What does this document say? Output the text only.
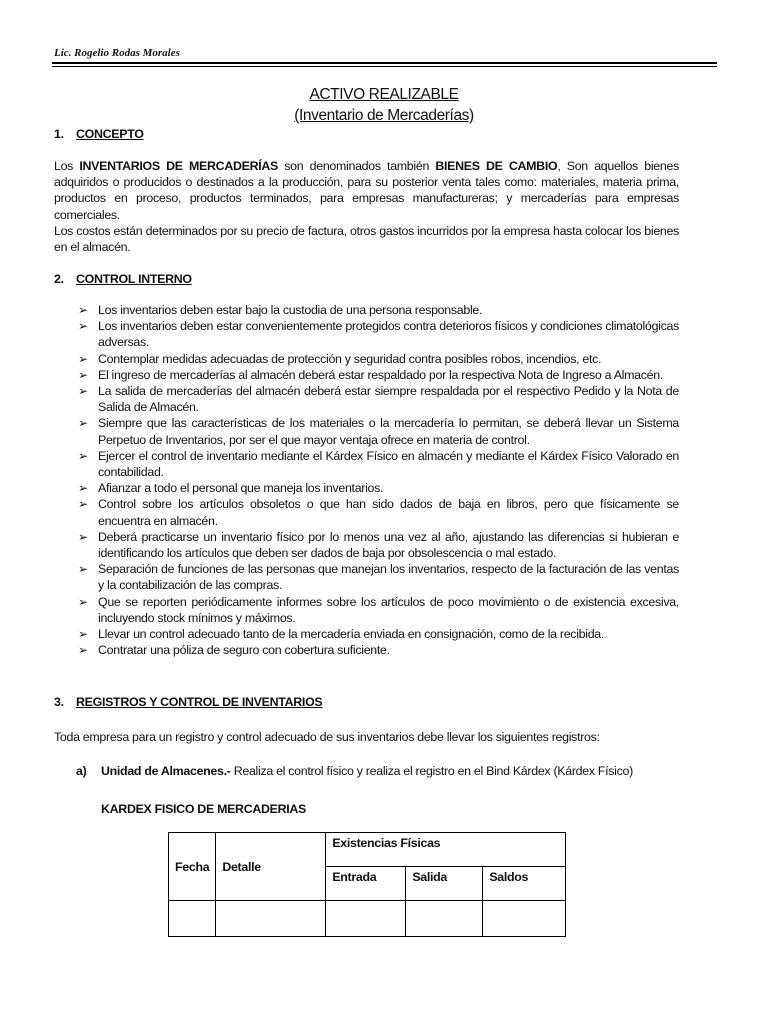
Lic. Rogelio Rodas Morales
ACTIVO REALIZABLE
(Inventario de Mercaderías)
1. CONCEPTO
Los INVENTARIOS DE MERCADERÍAS son denominados también BIENES DE CAMBIO, Son aquellos bienes adquiridos o producidos o destinados a la producción, para su posterior venta tales como: materiales, materia prima, productos en proceso, productos terminados, para empresas manufactureras; y mercaderías para empresas comerciales.
Los costos están determinados por su precio de factura, otros gastos incurridos por la empresa hasta colocar los bienes en el almacén.
2. CONTROL INTERNO
➢ Los inventarios deben estar bajo la custodia de una persona responsable.
➢ Los inventarios deben estar convenientemente protegidos contra deterioros físicos y condiciones climatológicas adversas.
➢ Contemplar medidas adecuadas de protección y seguridad contra posibles robos, incendios, etc.
➢ El ingreso de mercaderías al almacén deberá estar respaldado por la respectiva Nota de Ingreso a Almacén.
➢ La salida de mercaderías del almacén deberá estar siempre respaldada por el respectivo Pedido y la Nota de Salida de Almacén.
➢ Siempre que las características de los materiales o la mercadería lo permitan, se deberá llevar un Sistema Perpetuo de Inventarios, por ser el que mayor ventaja ofrece en materia de control.
➢ Ejercer el control de inventario mediante el Kárdex Físico en almacén y mediante el Kárdex Físico Valorado en contabilidad.
➢ Afianzar a todo el personal que maneja los inventarios.
➢ Control sobre los artículos obsoletos o que han sido dados de baja en libros, pero que físicamente se encuentra en almacén.
➢ Deberá practicarse un inventario físico por lo menos una vez al año, ajustando las diferencias si hubieran e identificando los artículos que deben ser dados de baja por obsolescencia o mal estado.
➢ Separación de funciones de las personas que manejan los inventarios, respecto de la facturación de las ventas y la contabilización de las compras.
➢ Que se reporten periódicamente informes sobre los artículos de poco movimiento o de existencia excesiva, incluyendo stock mínimos y máximos.
➢ Llevar un control adecuado tanto de la mercadería enviada en consignación, como de la recibida.
➢ Contratar una póliza de seguro con cobertura suficiente.
3. REGISTROS Y CONTROL DE INVENTARIOS
Toda empresa para un registro y control adecuado de sus inventarios debe llevar los siguientes registros:
a) Unidad de Almacenes.- Realiza el control físico y realiza el registro en el Bind Kárdex (Kárdex Físico)
KARDEX FISICO DE MERCADERIAS
Fecha	Detalle	Existencias Físicas		
		Entrada	Salida	Saldos
